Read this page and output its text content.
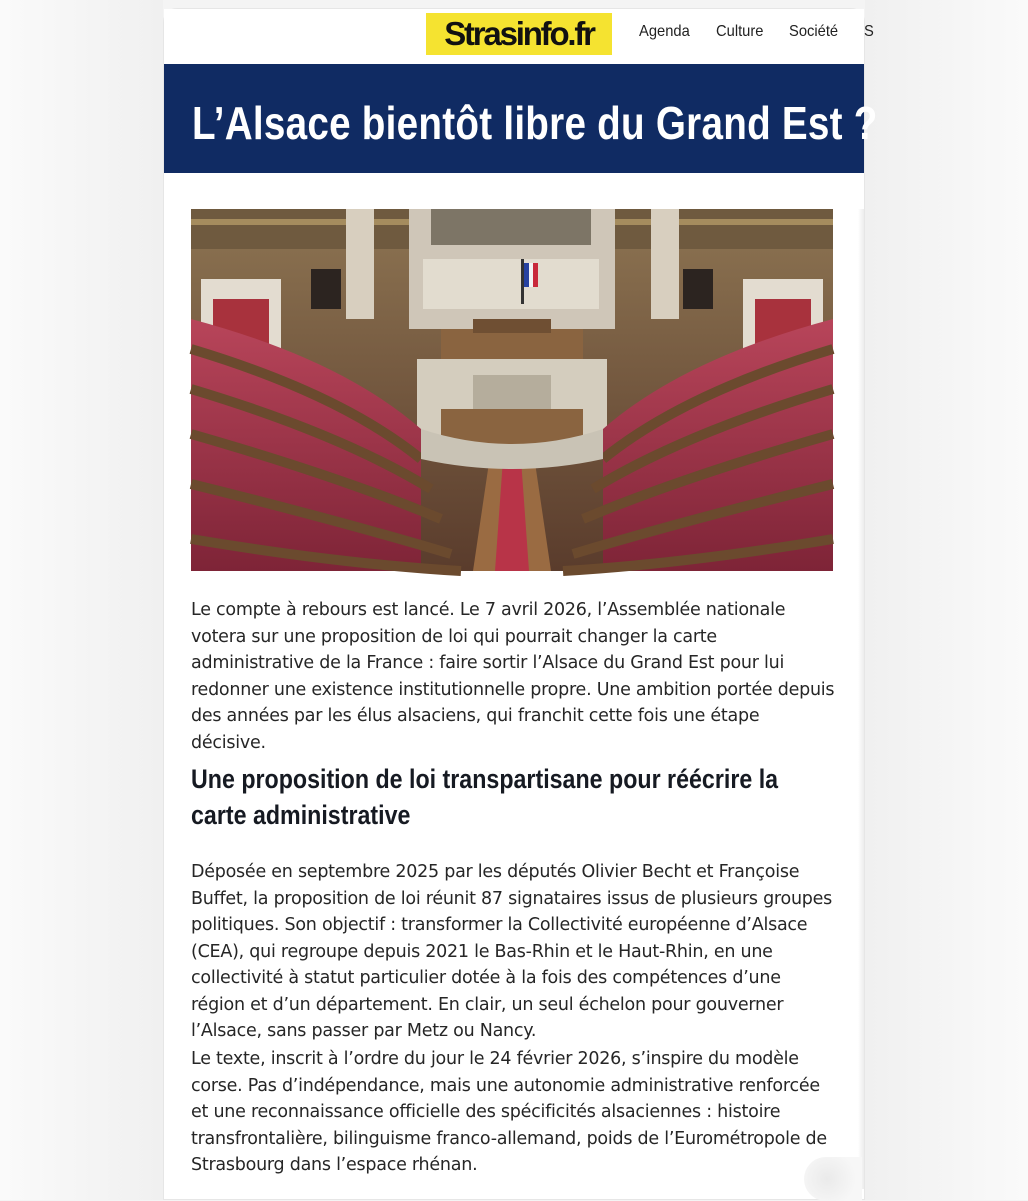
Strasinfo.fr	Agenda Culture Société S
L’Alsace bientôt libre du Grand Est ?

Le compte à rebours est lancé. Le 7 avril 2026, l’Assemblée nationale votera sur une proposition de loi qui pourrait changer la carte administrative de la France : faire sortir l’Alsace du Grand Est pour lui redonner une existence institutionnelle propre. Une ambition portée depuis des années par les élus alsaciens, qui franchit cette fois une étape décisive.

Une proposition de loi transpartisane pour réécrire la carte administrative

Déposée en septembre 2025 par les députés Olivier Becht et Françoise Buffet, la proposition de loi réunit 87 signataires issus de plusieurs groupes politiques. Son objectif : transformer la Collectivité européenne d’Alsace (CEA), qui regroupe depuis 2021 le Bas-Rhin et le Haut-Rhin, en une collectivité à statut particulier dotée à la fois des compétences d’une région et d’un département. En clair, un seul échelon pour gouverner l’Alsace, sans passer par Metz ou Nancy.

Le texte, inscrit à l’ordre du jour le 24 février 2026, s’inspire du modèle corse. Pas d’indépendance, mais une autonomie administrative renforcée et une reconnaissance officielle des spécificités alsaciennes : histoire transfrontalière, bilinguisme franco-allemand, poids de l’Eurométropole de Strasbourg dans l’espace rhénan.
